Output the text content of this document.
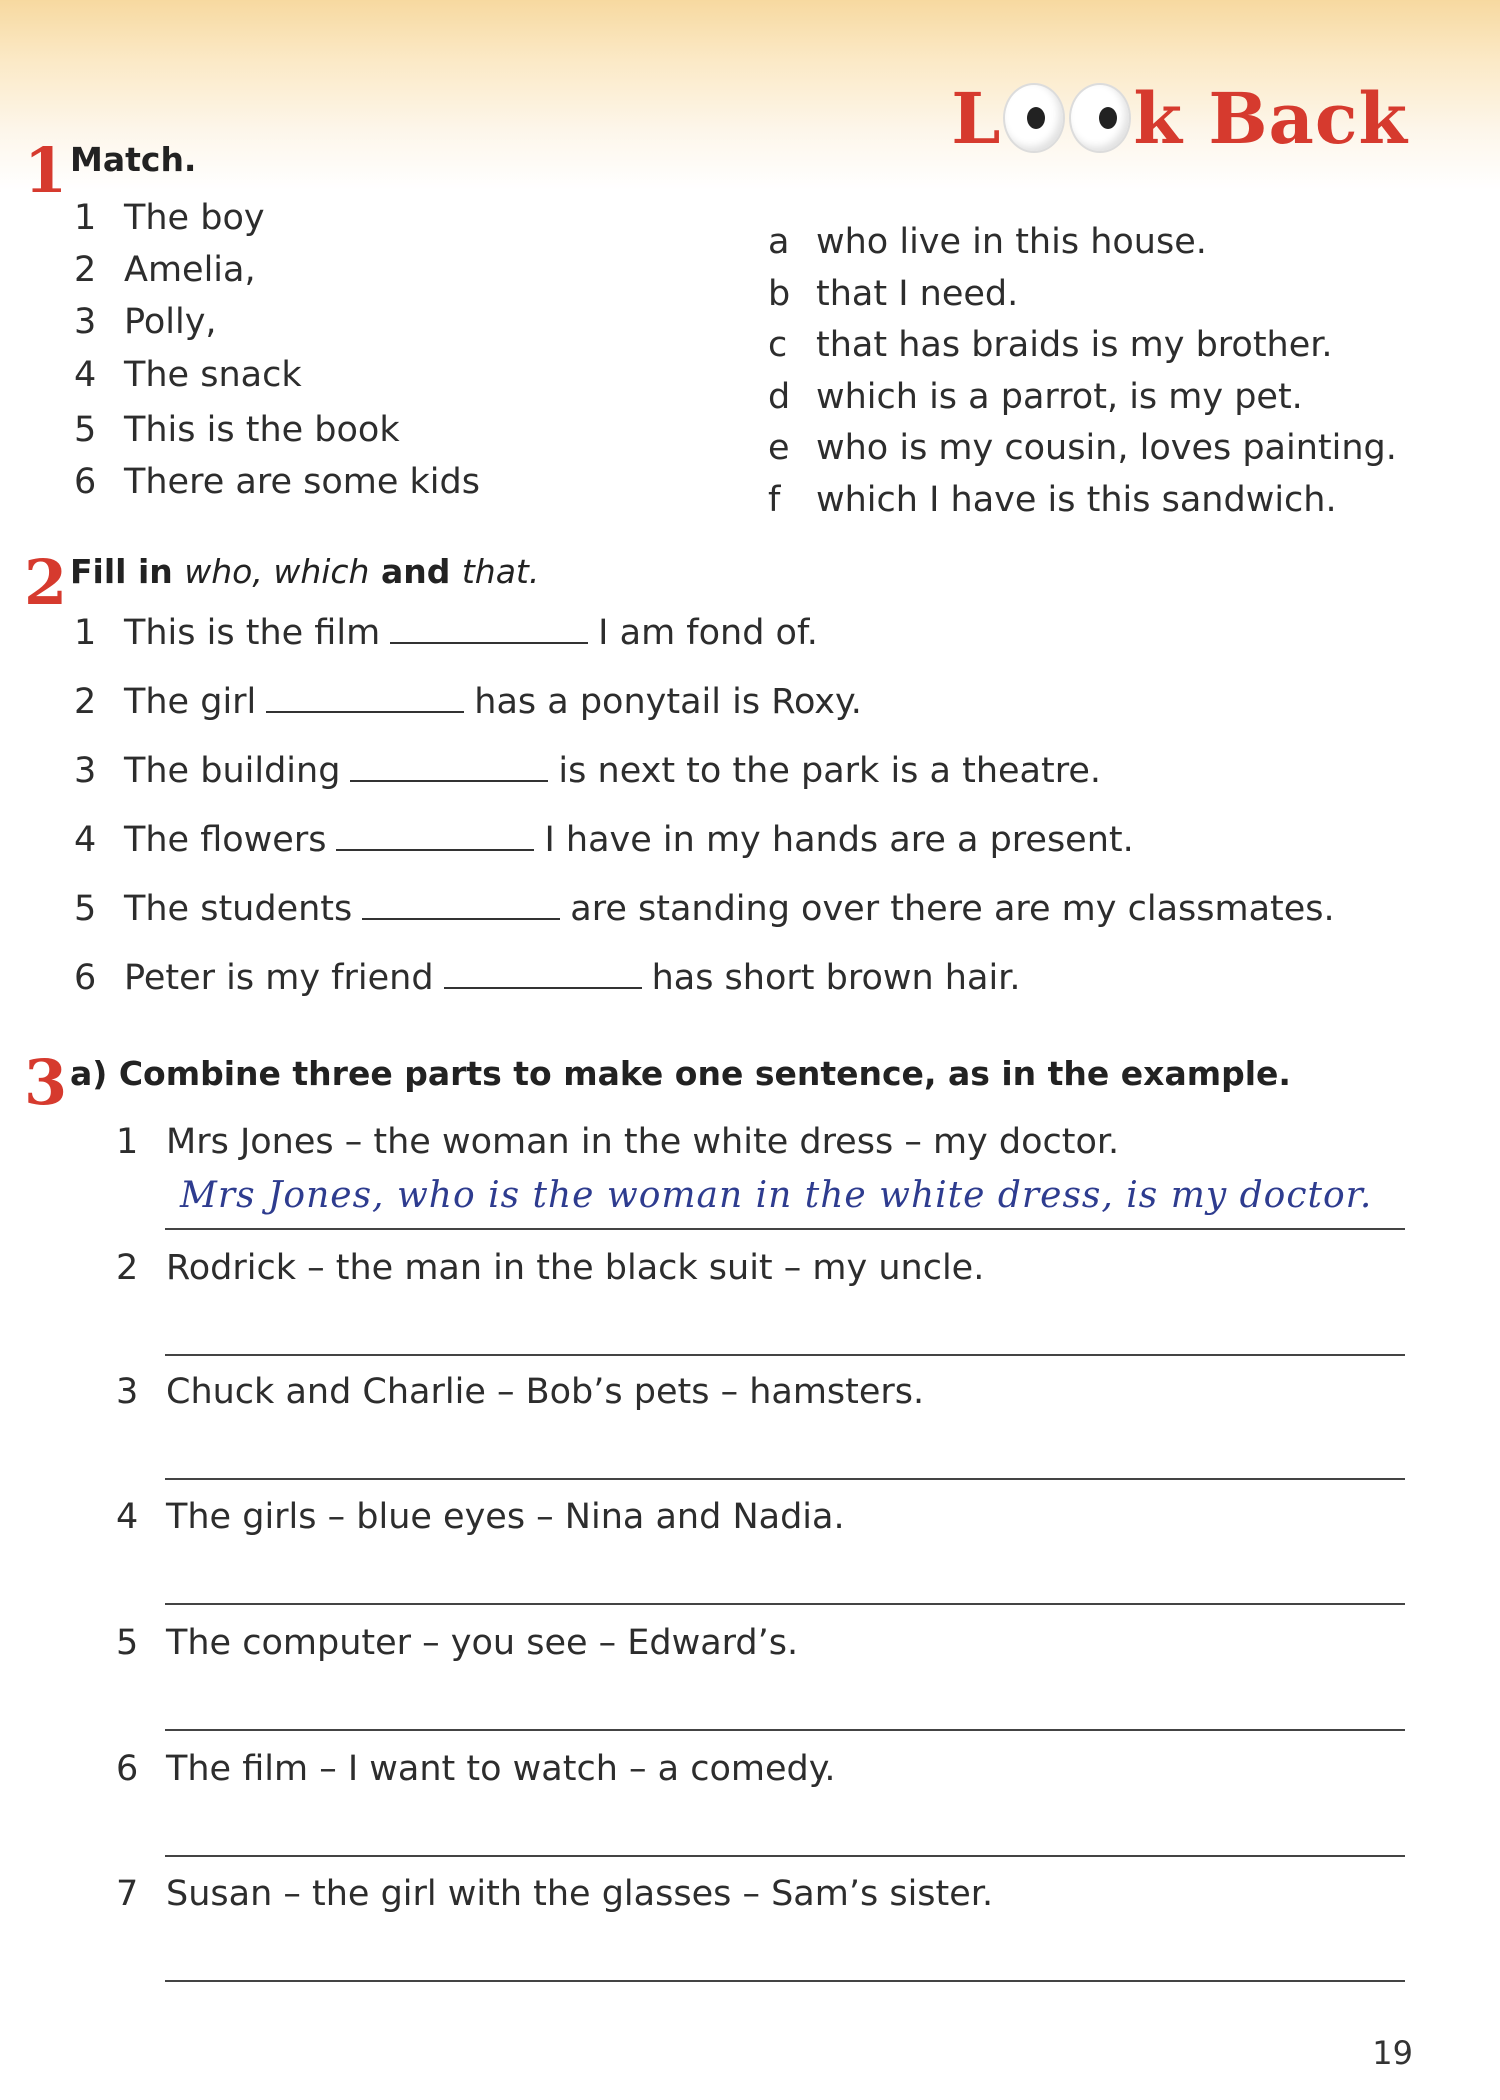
L k Back
1 Match.
1 The boy
2 Amelia,
3 Polly,
4 The snack
5 This is the book
6 There are some kids
a who live in this house.
b that I need.
c that has braids is my brother.
d which is a parrot, is my pet.
e who is my cousin, loves painting.
f which I have is this sandwich.
2 Fill in who, which and that.
1 This is the film	I am fond of.
2 The girl	has a ponytail is Roxy.
3 The building	is next to the park is a theatre.
4 The flowers	I have in my hands are a present.
5 The students	are standing over there are my classmates.
6 Peter is my friend	has short brown hair.
3 a) Combine three parts to make one sentence, as in the example.
1 Mrs Jones – the woman in the white dress – my doctor.
Mrs Jones, who is the woman in the white dress, is my doctor.
2 Rodrick – the man in the black suit – my uncle.
3 Chuck and Charlie – Bob’s pets – hamsters.
4 The girls – blue eyes – Nina and Nadia.
5 The computer – you see – Edward’s.
6 The film – I want to watch – a comedy.
7 Susan – the girl with the glasses – Sam’s sister.
19
